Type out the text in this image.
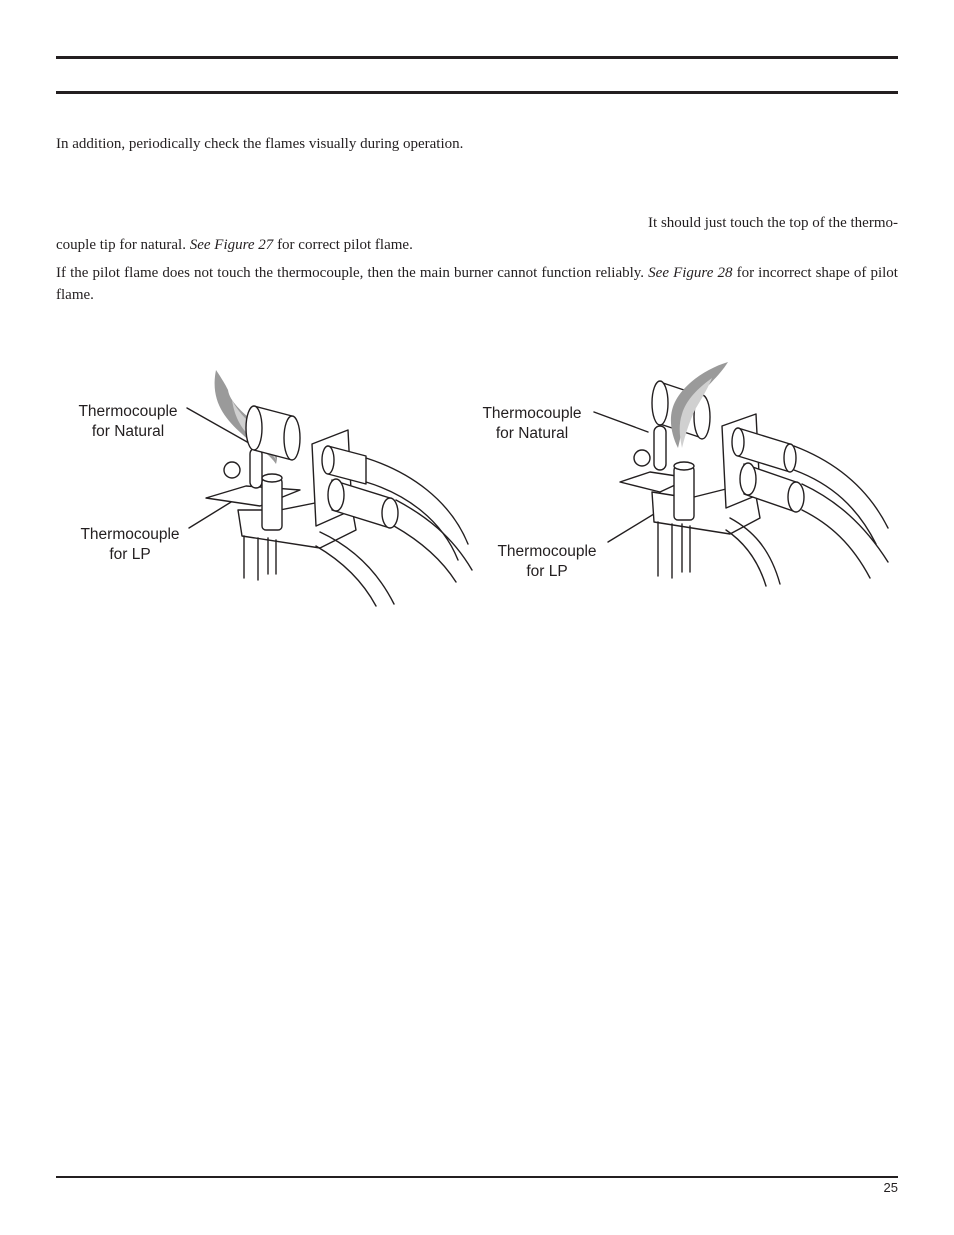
In addition, periodically check the flames visually during operation.

It should just touch the top of the thermo-

couple tip for natural. See Figure 27 for correct pilot flame.

If the pilot flame does not touch the thermocouple, then the main burner cannot function reliably. See Figure 28 for incorrect shape of pilot flame.

Thermocouple
for Natural
Thermocouple
for LP
Thermocouple
for Natural
Thermocouple
for LP
25
